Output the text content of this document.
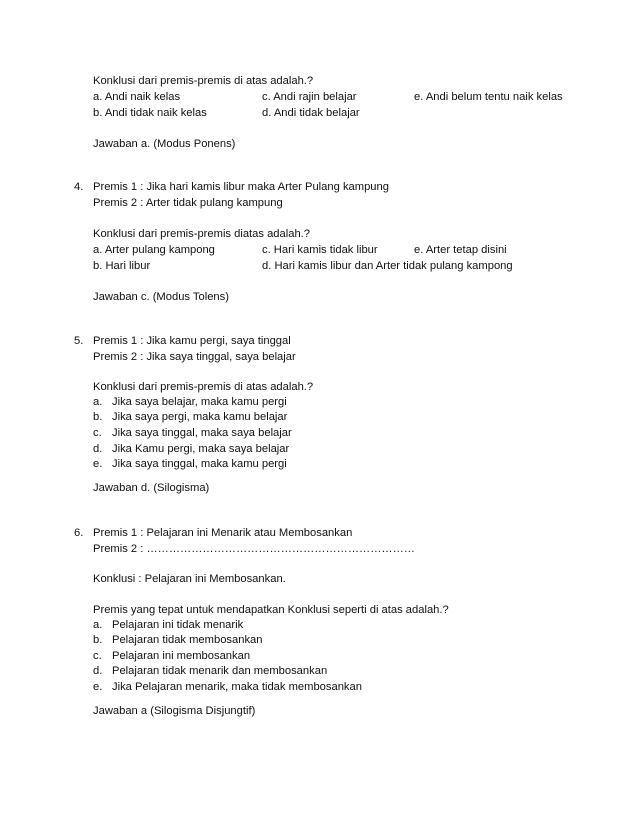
Konklusi dari premis-premis di atas adalah.?
a. Andi naik kelas	c. Andi rajin belajar	e. Andi belum tentu naik kelas
b. Andi tidak naik kelas	d. Andi tidak belajar
Jawaban a. (Modus Ponens)
4. Premis 1 : Jika hari kamis libur maka Arter Pulang kampung
Premis 2 : Arter tidak pulang kampung
Konklusi dari premis-premis diatas adalah.?
a. Arter pulang kampong	c. Hari kamis tidak libur	e. Arter tetap disini
b. Hari libur	d. Hari kamis libur dan Arter tidak pulang kampong
Jawaban c. (Modus Tolens)
5. Premis 1 : Jika kamu pergi, saya tinggal
Premis 2 : Jika saya tinggal, saya belajar
Konklusi dari premis-premis di atas adalah.?
a. Jika saya belajar, maka kamu pergi
b. Jika saya pergi, maka kamu belajar
c. Jika saya tinggal, maka saya belajar
d. Jika Kamu pergi, maka saya belajar
e. Jika saya tinggal, maka kamu pergi
Jawaban d. (Silogisma)
6. Premis 1 : Pelajaran ini Menarik atau Membosankan
Premis 2 : ………………………………………………………………
Konklusi : Pelajaran ini Membosankan.
Premis yang tepat untuk mendapatkan Konklusi seperti di atas adalah.?
a. Pelajaran ini tidak menarik
b. Pelajaran tidak membosankan
c. Pelajaran ini membosankan
d. Pelajaran tidak menarik dan membosankan
e. Jika Pelajaran menarik, maka tidak membosankan
Jawaban a (Silogisma Disjungtif)
